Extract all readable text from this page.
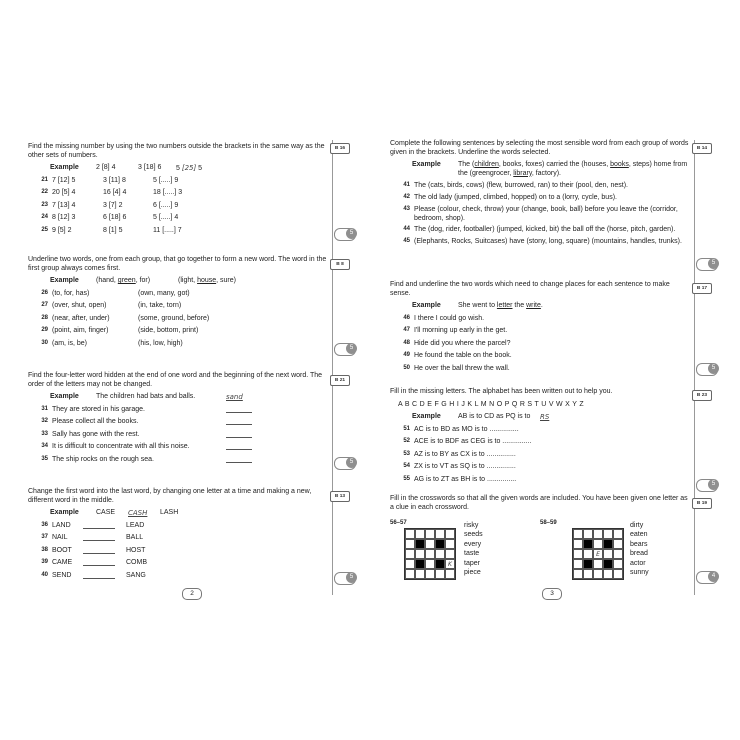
Find the missing number by using the two numbers outside the brackets in the same way as the other sets of numbers.

Example 2 [8] 4	3 [18] 6 5 [25] 5
21 7 [12] 5	3 [11] 8	5 [.....] 9
22 20 [5] 4	16 [4] 4	18 [.....] 3
23 7 [13] 4	3 [7] 2	6 [.....] 9
24 8 [12] 3	6 [18] 6	5 [.....] 4
25 9 [5] 2	8 [1] 5	11 [.....] 7
B 16
5

Underline two words, one from each group, that go together to form a new word. The word in the first group always comes first.

Example (hand, green, for)	(light, house, sure)
26 (to, for, has)	(own, many, got)
27 (over, shut, open)	(in, take, torn)
28 (near, after, under)	(some, ground, before)
29 (point, aim, finger)	(side, bottom, print)
30 (am, is, be)	(his, low, high)
B 8
5

Find the four-letter word hidden at the end of one word and the beginning of the next word. The order of the letters may not be changed.

Example The children had bats and balls.	sand
31 They are stored in his garage.
32 Please collect all the books.
33 Sally has gone with the rest.
34 It is difficult to concentrate with all this noise.
35 The ship rocks on the rough sea.
B 21
5

Change the first word into the last word, by changing one letter at a time and making a new, different word in the middle.

Example CASE CASH LASH
36 LAND	LEAD
37 NAIL	BALL
38 BOOT	HOST
39 CAME	COMB
40 SEND	SANG
B 13
5
2

Complete the following sentences by selecting the most sensible word from each group of words given in the brackets. Underline the words selected.

Example The (children, books, foxes) carried the (houses, books, steps) home from the (greengrocer, library, factory).
41 The (cats, birds, cows) (flew, burrowed, ran) to their (pool, den, nest).
42 The old lady (jumped, climbed, hopped) on to a (lorry, cycle, bus).
43 Please (colour, check, throw) your (change, book, ball) before you leave the (corridor, bedroom, shop).
44 The (dog, rider, footballer) (jumped, kicked, bit) the ball off the (horse, pitch, garden).
45 (Elephants, Rocks, Suitcases) have (stony, long, square) (mountains, handles, trunks).
B 14
5

Find and underline the two words which need to change places for each sentence to make sense.

Example She went to letter the write.
46 I there I could go wish.
47 I'll morning up early in the get.
48 Hide did you where the parcel?
49 He found the table on the book.
50 He over the ball threw the wall.
B 17
5

Fill in the missing letters. The alphabet has been written out to help you.

A B C D E F G H I J K L M N O P Q R S T U V W X Y Z
Example AB is to CD as PQ is to RS
51 AC is to BD as MO is to ...............
52 ACE is to BDF as CEG is to ...............
53 AZ is to BY as CX is to ...............
54 ZX is to VT as SQ is to ...............
55 AG is to ZT as BH is to ...............
B 23
5

Fill in the crosswords so that all the given words are included. You have been given one letter as a clue in each crossword.

B 19
56–57
K
risky
seeds
every
taste
taper
piece
58–59
E
dirty
eaten
bears
bread
actor
sunny	4
3
